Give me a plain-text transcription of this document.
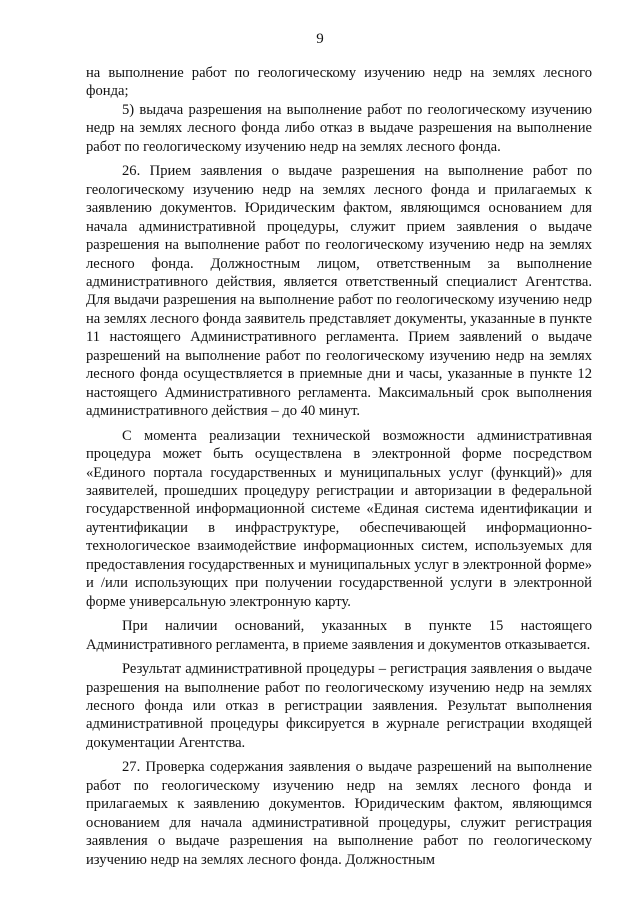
9

на выполнение работ по геологическому изучению недр на землях лесного фонда;

5) выдача разрешения на выполнение работ по геологическому изучению недр на землях лесного фонда либо отказ в выдаче разрешения на выполнение работ по геологическому изучению недр на землях лесного фонда.

26. Прием заявления о выдаче разрешения на выполнение работ по геологическому изучению недр на землях лесного фонда и прилагаемых к заявлению документов. Юридическим фактом, являющимся основанием для начала административной процедуры, служит прием заявления о выдаче разрешения на выполнение работ по геологическому изучению недр на землях лесного фонда. Должностным лицом, ответственным за выполнение административного действия, является ответственный специалист Агентства. Для выдачи разрешения на выполнение работ по геологическому изучению недр на землях лесного фонда заявитель представляет документы, указанные в пункте 11 настоящего Административного регламента. Прием заявлений о выдаче разрешений на выполнение работ по геологическому изучению недр на землях лесного фонда осуществляется в приемные дни и часы, указанные в пункте 12 настоящего Административного регламента. Максимальный срок выполнения административного действия – до 40 минут.

С момента реализации технической возможности административная процедура может быть осуществлена в электронной форме посредством «Единого портала государственных и муниципальных услуг (функций)» для заявителей, прошедших процедуру регистрации и авторизации в федеральной государственной информационной системе «Единая система идентификации и аутентификации в инфраструктуре, обеспечивающей информационно-технологическое взаимодействие информационных систем, используемых для предоставления государственных и муниципальных услуг в электронной форме» и /или использующих при получении государственной услуги в электронной форме универсальную электронную карту.

При наличии оснований, указанных в пункте 15 настоящего Административного регламента, в приеме заявления и документов отказывается.

Результат административной процедуры – регистрация заявления о выдаче разрешения на выполнение работ по геологическому изучению недр на землях лесного фонда или отказ в регистрации заявления. Результат выполнения административной процедуры фиксируется в журнале регистрации входящей документации Агентства.

27. Проверка содержания заявления о выдаче разрешений на выполнение работ по геологическому изучению недр на землях лесного фонда и прилагаемых к заявлению документов. Юридическим фактом, являющимся основанием для начала административной процедуры, служит регистрация заявления о выдаче разрешения на выполнение работ по геологическому изучению недр на землях лесного фонда. Должностным
